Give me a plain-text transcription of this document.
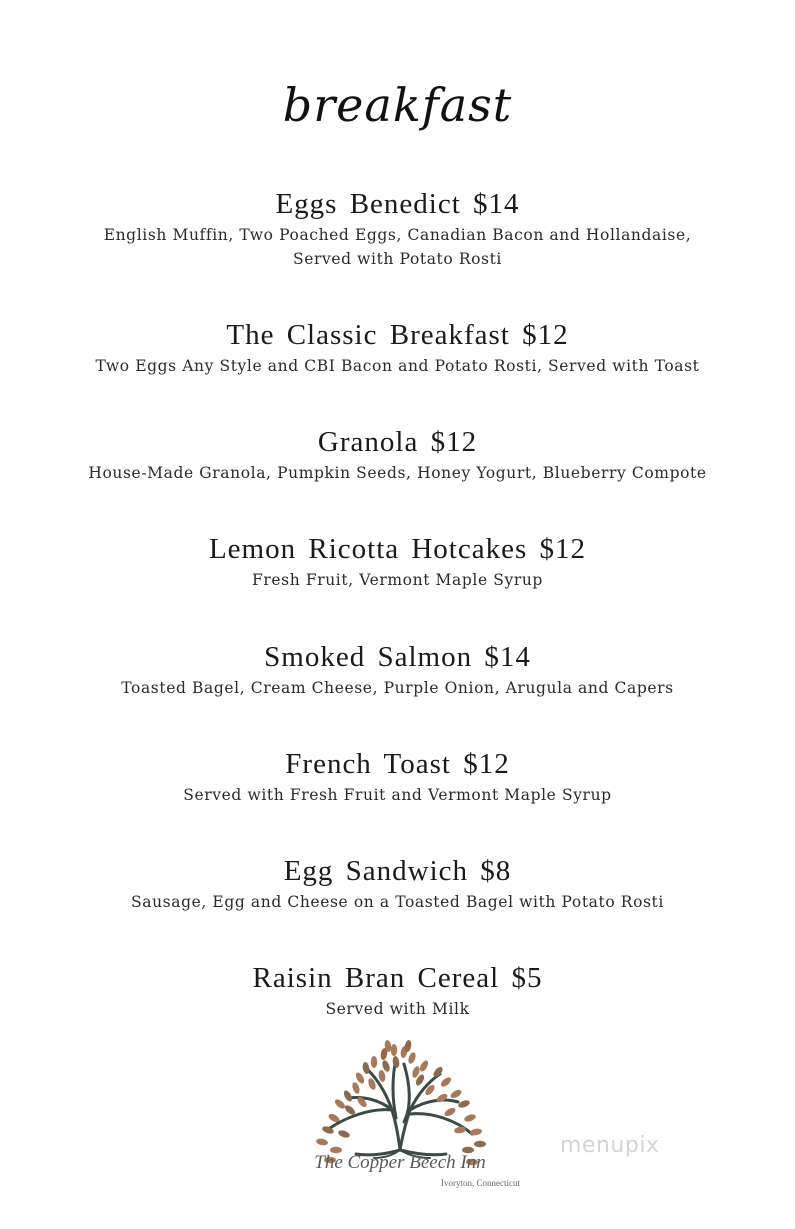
breakfast
Eggs Benedict $14
English Muffin, Two Poached Eggs, Canadian Bacon and Hollandaise,
Served with Potato Rosti
The Classic Breakfast $12
Two Eggs Any Style and CBI Bacon and Potato Rosti, Served with Toast
Granola $12
House-Made Granola, Pumpkin Seeds, Honey Yogurt, Blueberry Compote
Lemon Ricotta Hotcakes $12
Fresh Fruit, Vermont Maple Syrup
Smoked Salmon $14
Toasted Bagel, Cream Cheese, Purple Onion, Arugula and Capers
French Toast $12
Served with Fresh Fruit and Vermont Maple Syrup
Egg Sandwich $8
Sausage, Egg and Cheese on a Toasted Bagel with Potato Rosti
Raisin Bran Cereal $5
Served with Milk
The Copper Beech Inn
Ivoryton, Connecticut
menupix
